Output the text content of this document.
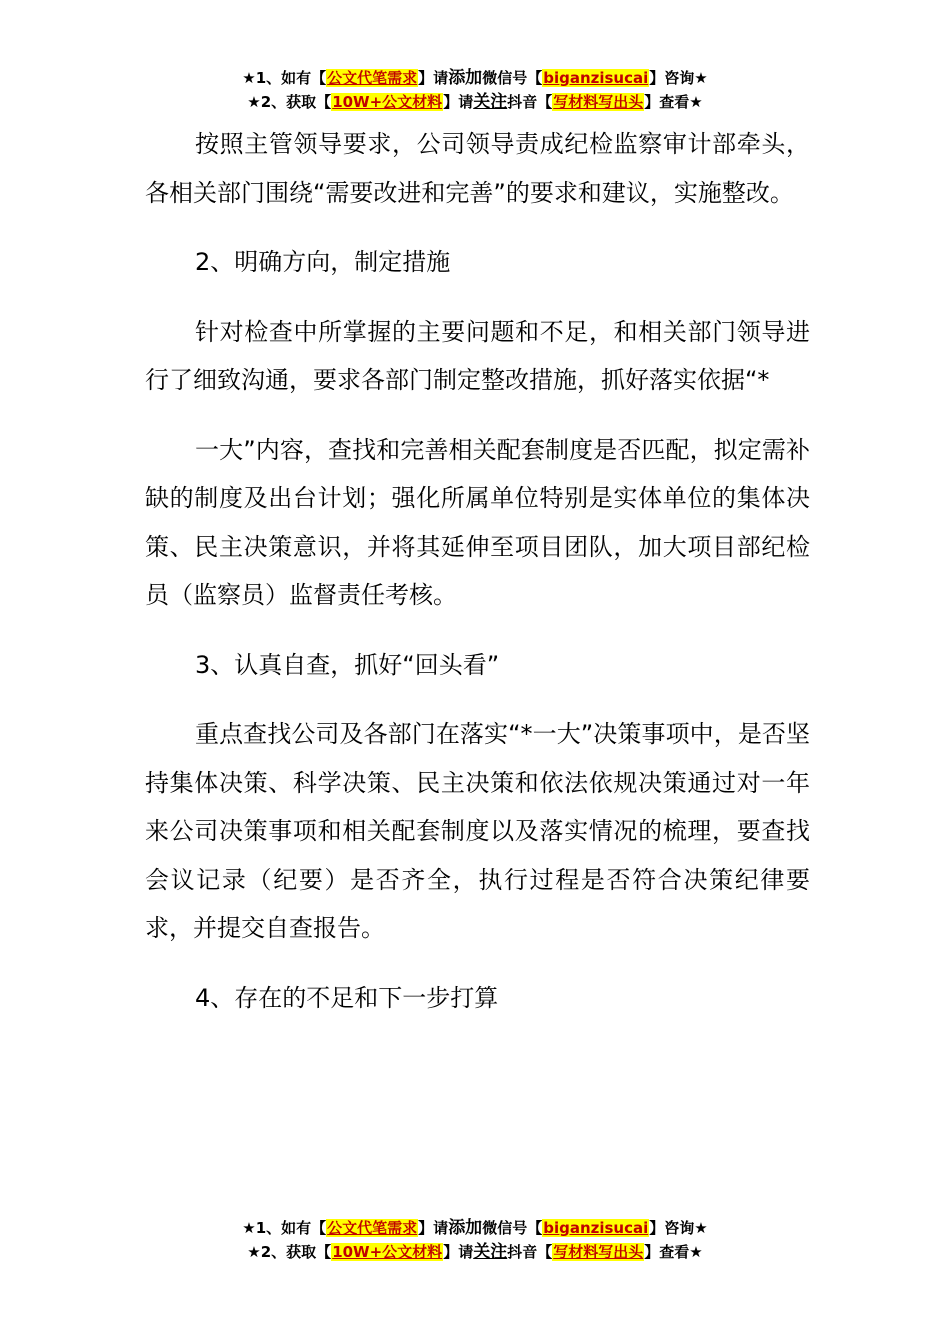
★1、如有【公文代笔需求】请添加微信号【biganzisucai】咨询★
★2、获取【10W+公文材料】请关注抖音【写材料写出头】查看★

按照主管领导要求，公司领导责成纪检监察审计部牵头，各相关部门围绕“需要改进和完善”的要求和建议，实施整改。

2、明确方向，制定措施

针对检查中所掌握的主要问题和不足，和相关部门领导进行了细致沟通，要求各部门制定整改措施，抓好落实依据“*

一大”内容，查找和完善相关配套制度是否匹配，拟定需补缺的制度及出台计划；强化所属单位特别是实体单位的集体决策、民主决策意识，并将其延伸至项目团队，加大项目部纪检员（监察员）监督责任考核。

3、认真自查，抓好“回头看”

重点查找公司及各部门在落实“*一大”决策事项中，是否坚持集体决策、科学决策、民主决策和依法依规决策通过对一年来公司决策事项和相关配套制度以及落实情况的梳理，要查找会议记录（纪要）是否齐全，执行过程是否符合决策纪律要求，并提交自查报告。

4、存在的不足和下一步打算

★1、如有【公文代笔需求】请添加微信号【biganzisucai】咨询★
★2、获取【10W+公文材料】请关注抖音【写材料写出头】查看★
